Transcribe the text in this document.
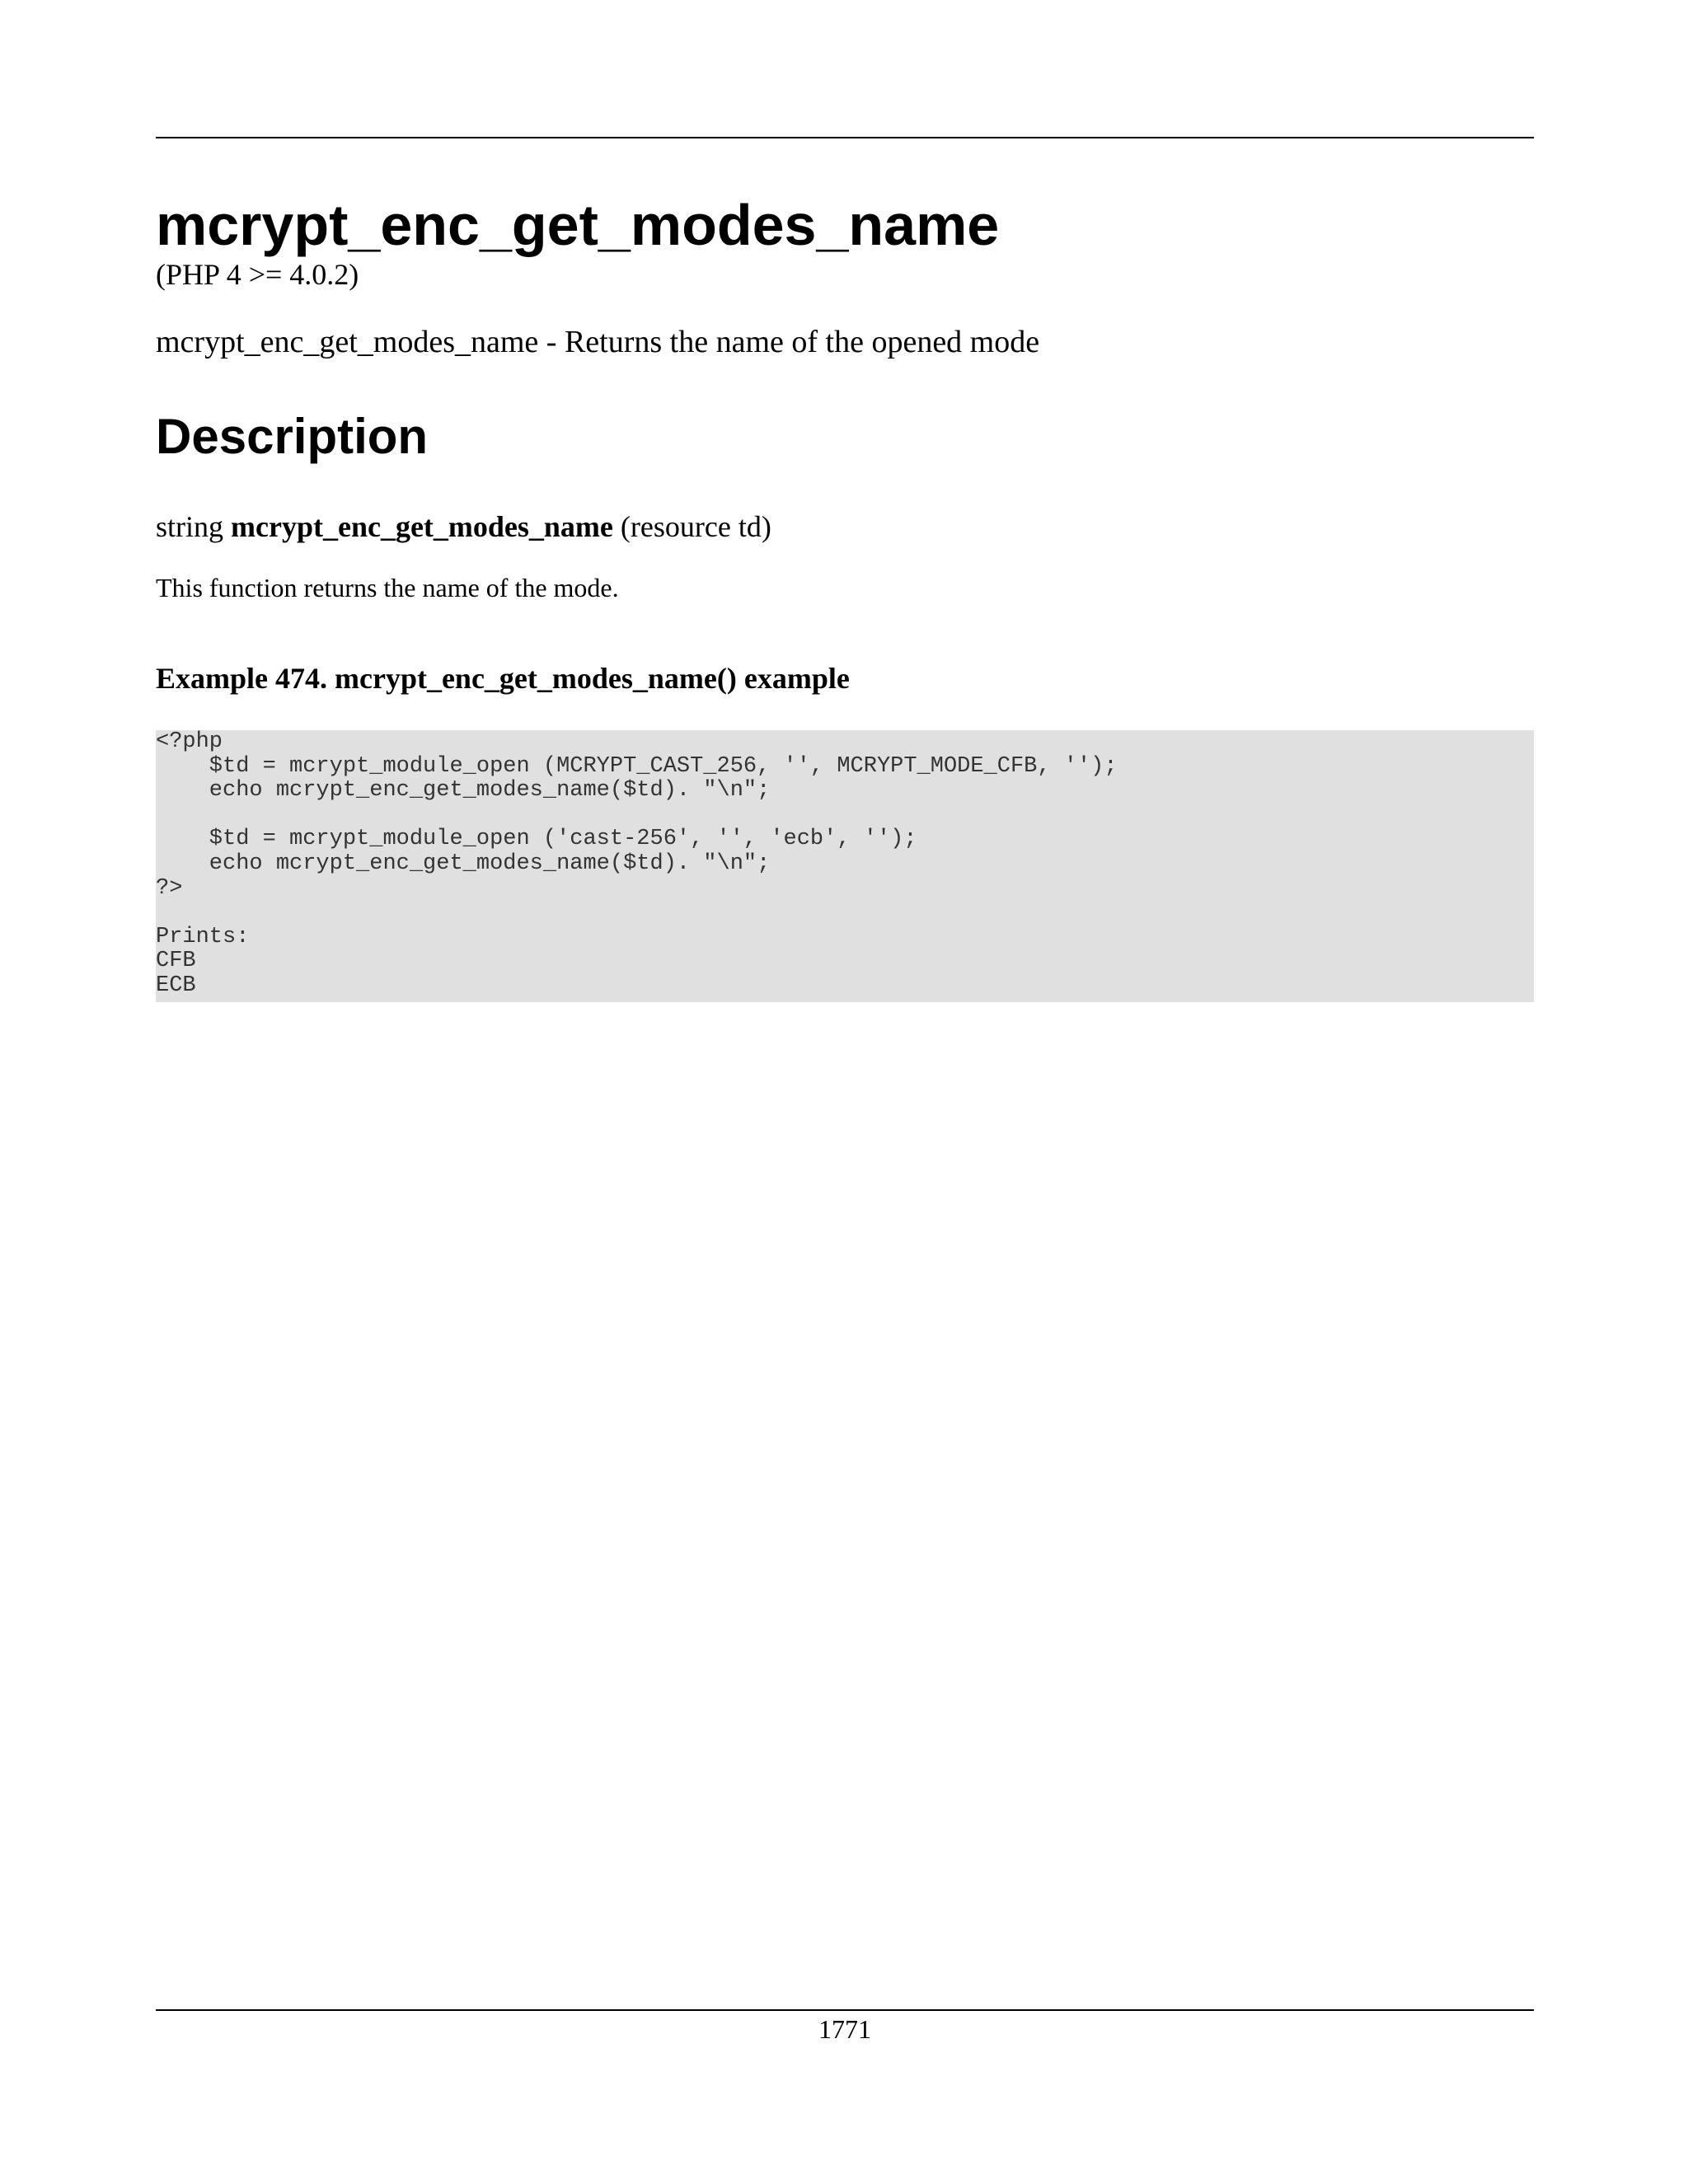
mcrypt_enc_get_modes_name
(PHP 4 >= 4.0.2)
mcrypt_enc_get_modes_name - Returns the name of the opened mode
Description
string mcrypt_enc_get_modes_name (resource td)
This function returns the name of the mode.
Example 474. mcrypt_enc_get_modes_name() example
<?php
$td = mcrypt_module_open (MCRYPT_CAST_256, '', MCRYPT_MODE_CFB, '');
echo mcrypt_enc_get_modes_name($td). "\n";

$td = mcrypt_module_open ('cast-256', '', 'ecb', '');
echo mcrypt_enc_get_modes_name($td). "\n";
?>

Prints:
CFB
ECB
1771
